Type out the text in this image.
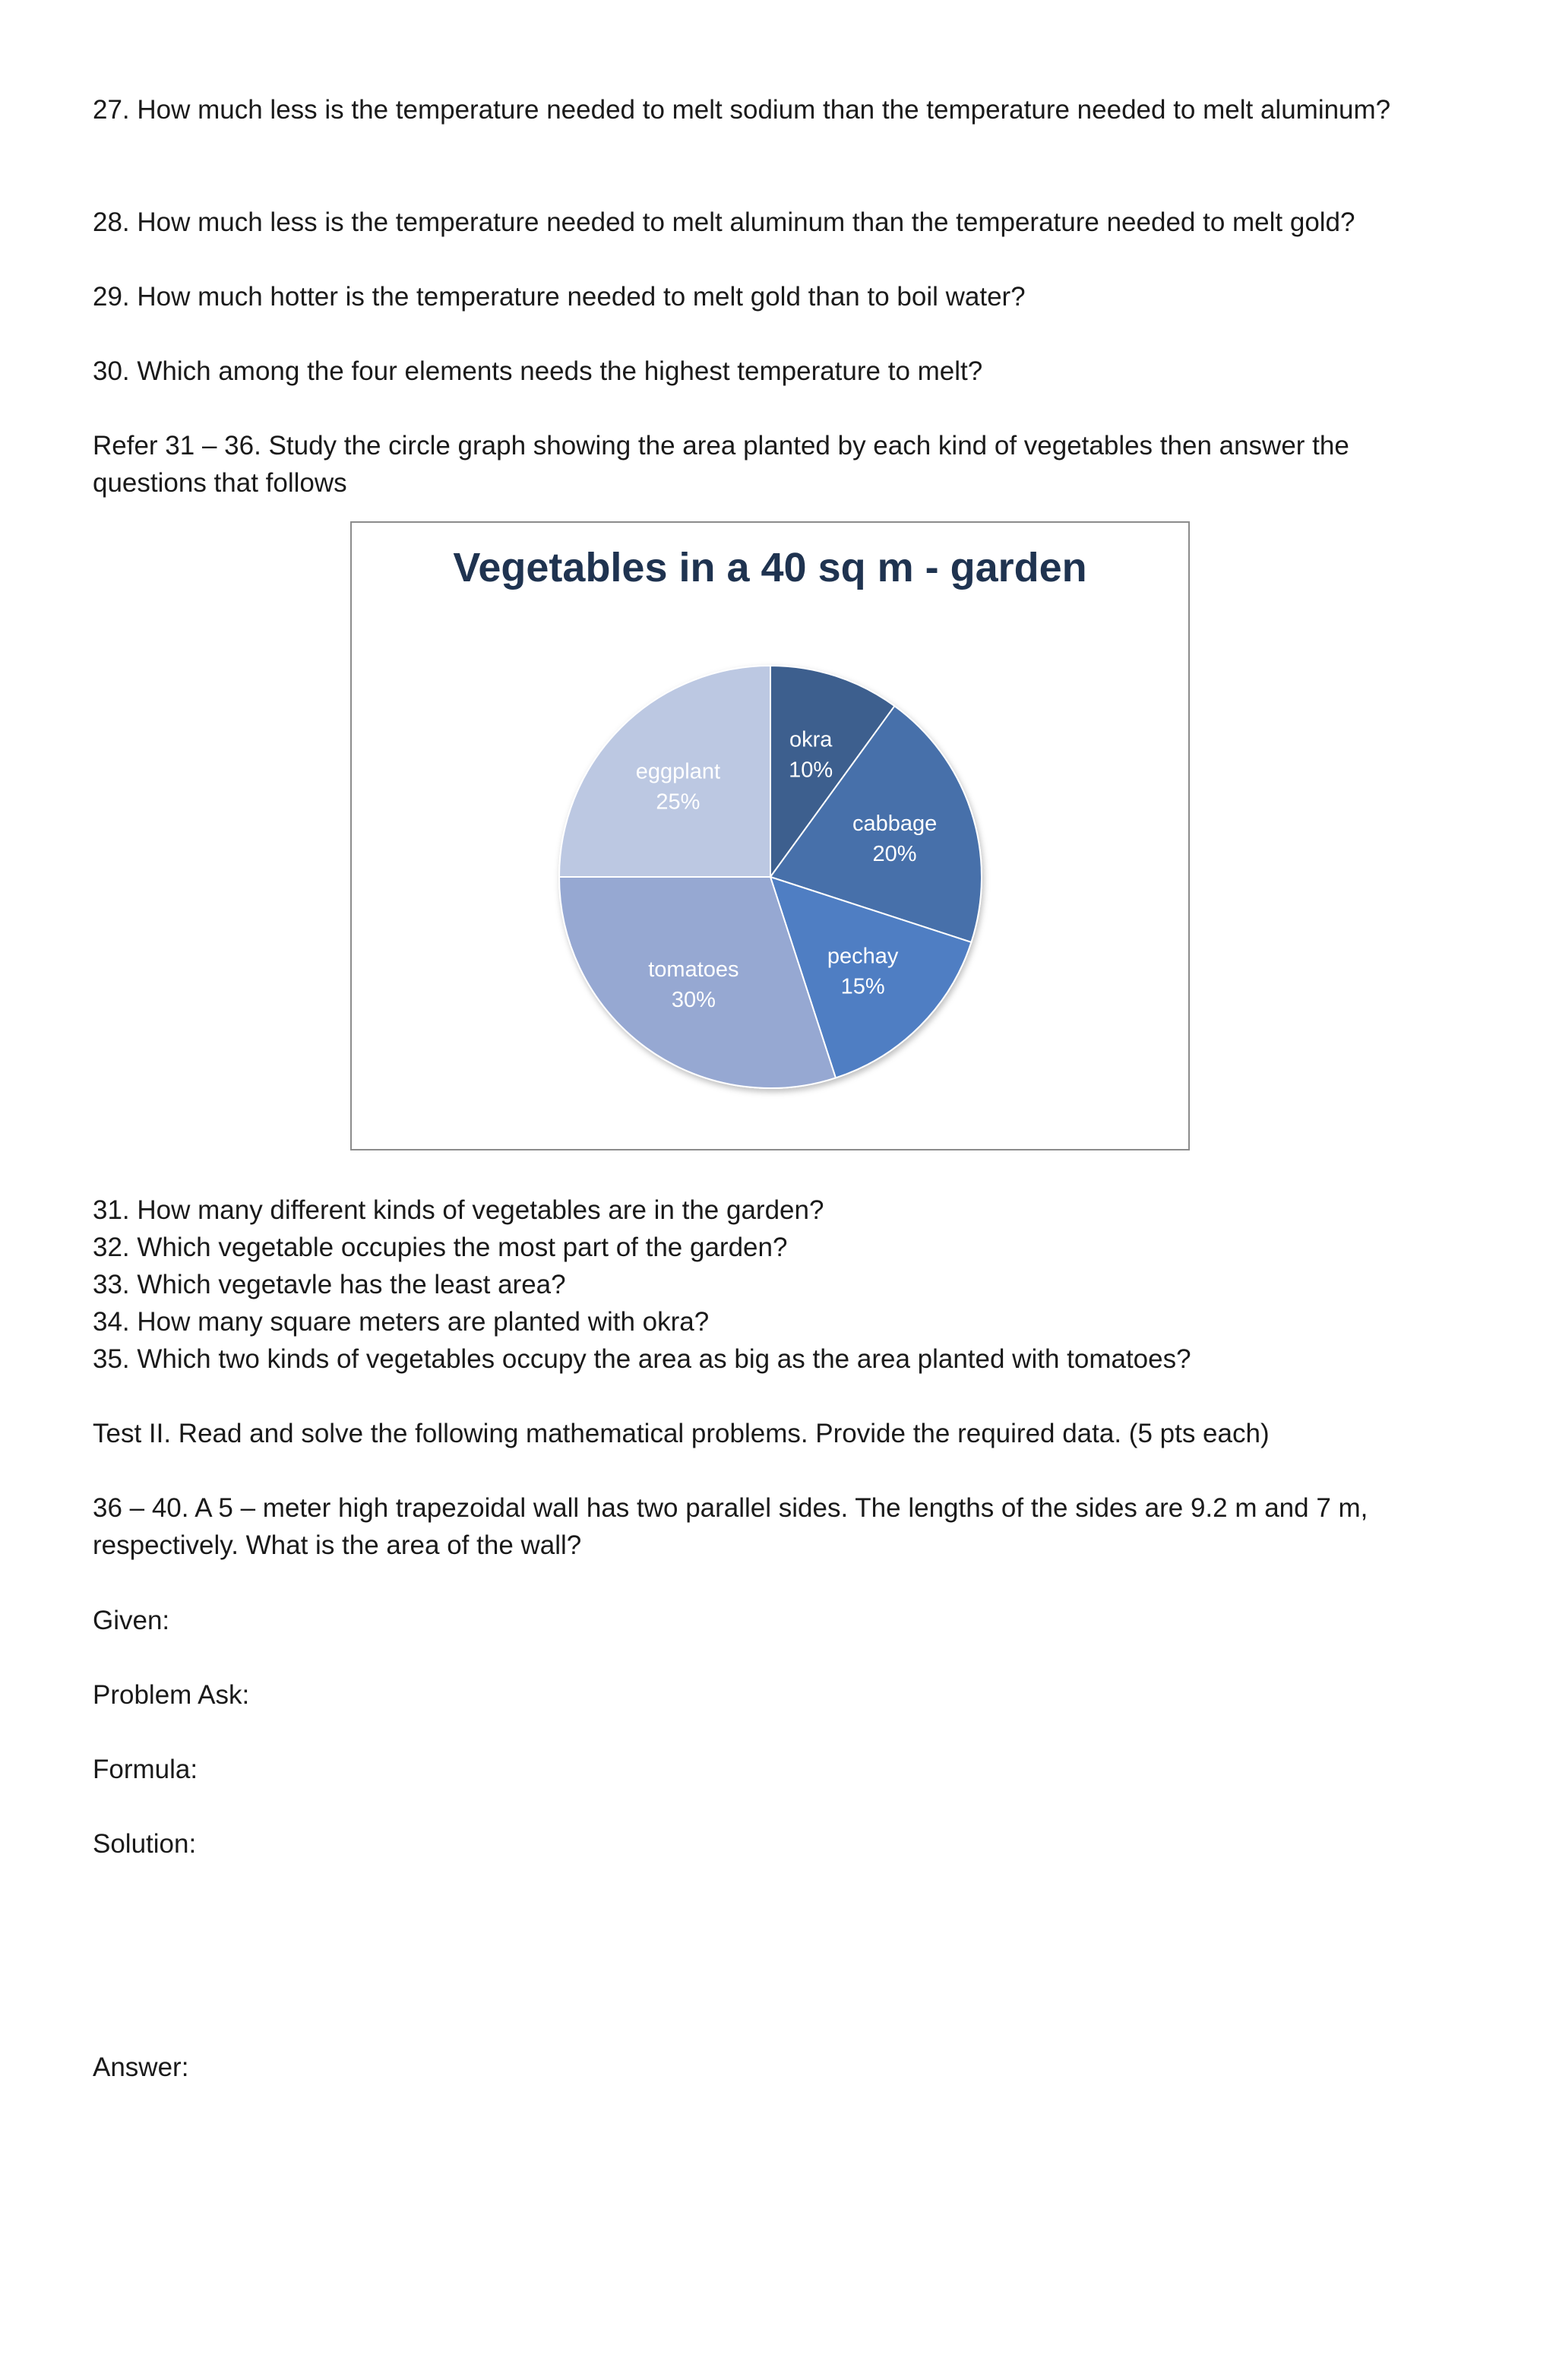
27. How much less is the temperature needed to melt sodium than the temperature needed to melt aluminum?

28. How much less is the temperature needed to melt aluminum than the temperature needed to melt gold?

29. How much hotter is the temperature needed to melt gold than to boil water?

30. Which among the four elements needs the highest temperature to melt?

Refer 31 – 36. Study the circle graph showing the area planted by each kind of vegetables then answer the questions that follows

Vegetables in a 40 sq m - garden
okra
10%
cabbage
20%
pechay
15%
tomatoes
30%
eggplant
25%

31. How many different kinds of vegetables are in the garden?

32. Which vegetable occupies the most part of the garden?

33. Which vegetavle has the least area?

34. How many square meters are planted with okra?

35. Which two kinds of vegetables occupy the area as big as the area planted with tomatoes?

Test II. Read and solve the following mathematical problems. Provide the required data. (5 pts each)

36 – 40. A 5 – meter high trapezoidal wall has two parallel sides. The lengths of the sides are 9.2 m and 7 m, respectively. What is the area of the wall?

Given:

Problem Ask:

Formula:

Solution:

Answer:
